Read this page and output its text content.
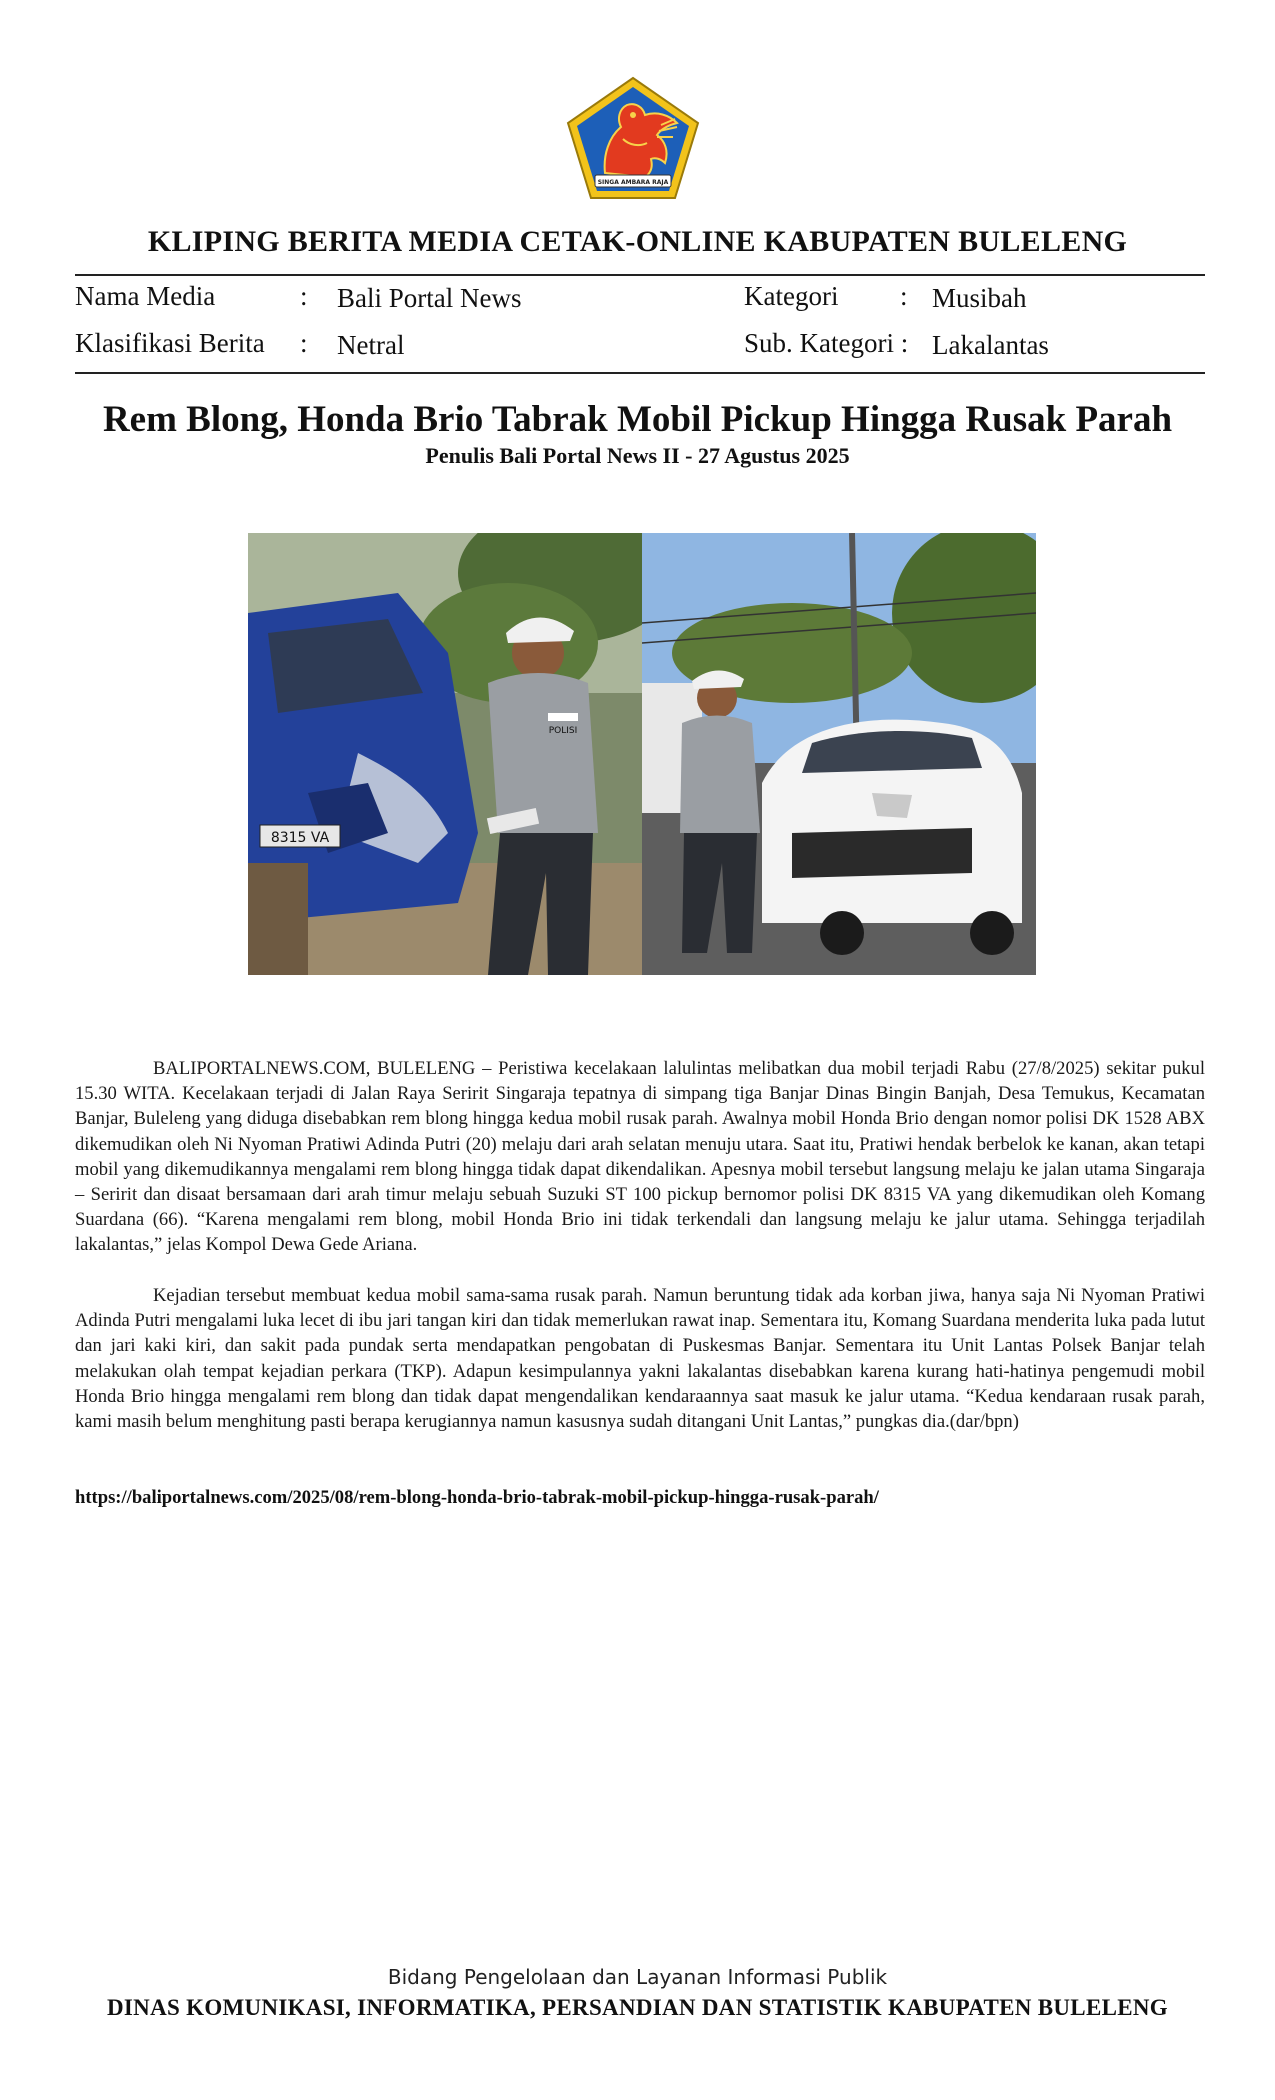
SINGA AMBARA RAJA
KLIPING BERITA MEDIA CETAK-ONLINE KABUPATEN BULELENG
Nama Media	: Bali Portal News	Kategori : Musibah
Klasifikasi Berita : Netral	Sub. Kategori : Lakalantas
Rem Blong, Honda Brio Tabrak Mobil Pickup Hingga Rusak Parah
Penulis Bali Portal News II - 27 Agustus 2025
8315 VA
POLISI

BALIPORTALNEWS.COM, BULELENG – Peristiwa kecelakaan lalulintas melibatkan dua mobil terjadi Rabu (27/8/2025) sekitar pukul 15.30 WITA. Kecelakaan terjadi di Jalan Raya Seririt Singaraja tepatnya di simpang tiga Banjar Dinas Bingin Banjah, Desa Temukus, Kecamatan Banjar, Buleleng yang diduga disebabkan rem blong hingga kedua mobil rusak parah. Awalnya mobil Honda Brio dengan nomor polisi DK 1528 ABX dikemudikan oleh Ni Nyoman Pratiwi Adinda Putri (20) melaju dari arah selatan menuju utara. Saat itu, Pratiwi hendak berbelok ke kanan, akan tetapi mobil yang dikemudikannya mengalami rem blong hingga tidak dapat dikendalikan. Apesnya mobil tersebut langsung melaju ke jalan utama Singaraja – Seririt dan disaat bersamaan dari arah timur melaju sebuah Suzuki ST 100 pickup bernomor polisi DK 8315 VA yang dikemudikan oleh Komang Suardana (66). “Karena mengalami rem blong, mobil Honda Brio ini tidak terkendali dan langsung melaju ke jalur utama. Sehingga terjadilah lakalantas,” jelas Kompol Dewa Gede Ariana.

Kejadian tersebut membuat kedua mobil sama-sama rusak parah. Namun beruntung tidak ada korban jiwa, hanya saja Ni Nyoman Pratiwi Adinda Putri mengalami luka lecet di ibu jari tangan kiri dan tidak memerlukan rawat inap. Sementara itu, Komang Suardana menderita luka pada lutut dan jari kaki kiri, dan sakit pada pundak serta mendapatkan pengobatan di Puskesmas Banjar. Sementara itu Unit Lantas Polsek Banjar telah melakukan olah tempat kejadian perkara (TKP). Adapun kesimpulannya yakni lakalantas disebabkan karena kurang hati-hatinya pengemudi mobil Honda Brio hingga mengalami rem blong dan tidak dapat mengendalikan kendaraannya saat masuk ke jalur utama. “Kedua kendaraan rusak parah, kami masih belum menghitung pasti berapa kerugiannya namun kasusnya sudah ditangani Unit Lantas,” pungkas dia.(dar/bpn)

https://baliportalnews.com/2025/08/rem-blong-honda-brio-tabrak-mobil-pickup-hingga-rusak-parah/
Bidang Pengelolaan dan Layanan Informasi Publik
DINAS KOMUNIKASI, INFORMATIKA, PERSANDIAN DAN STATISTIK KABUPATEN BULELENG
